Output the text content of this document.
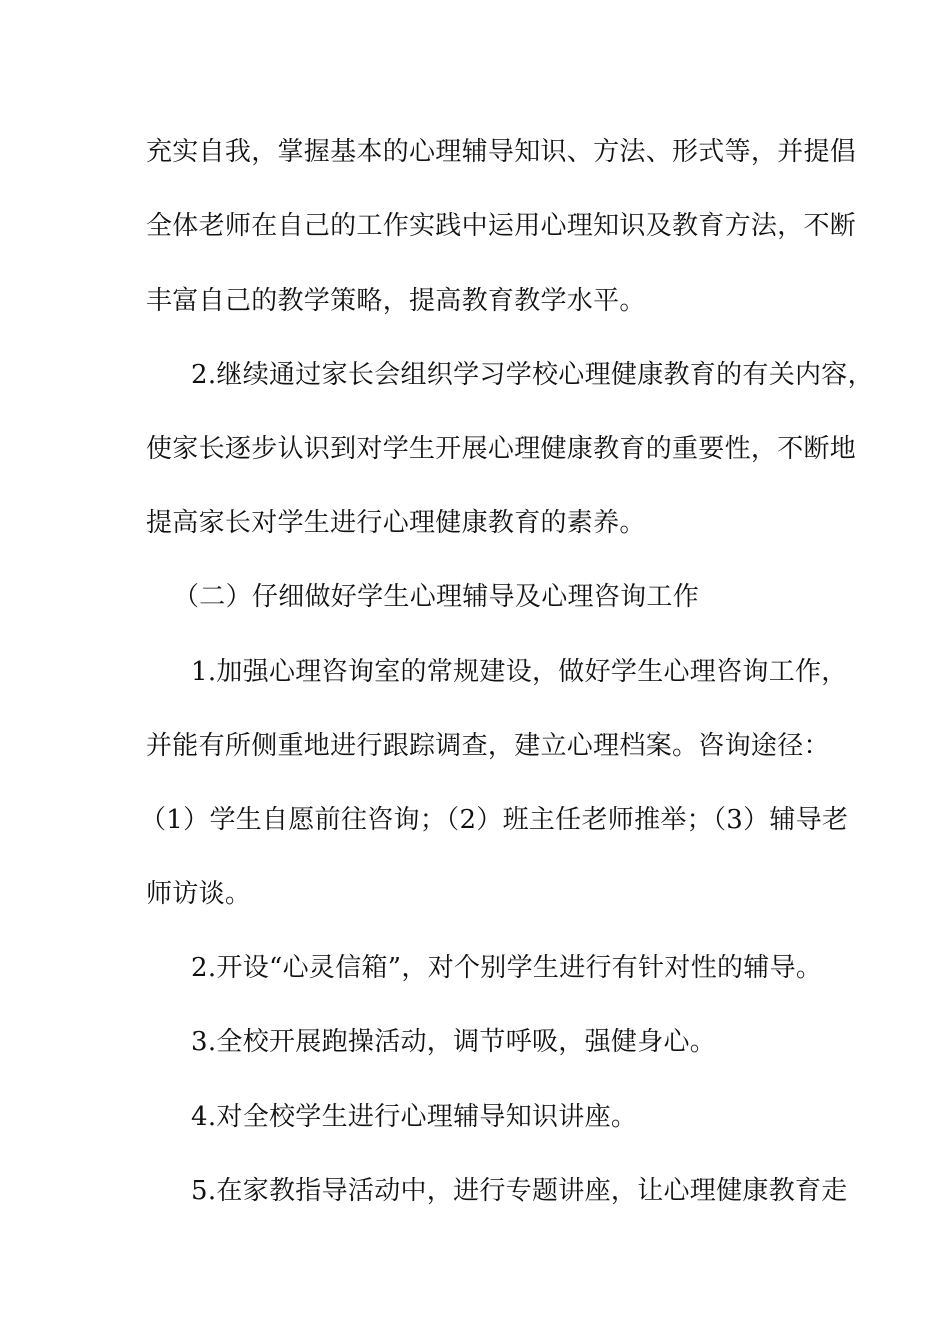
充实自我，掌握基本的心理辅导知识、方法、形式等，并提倡
全体老师在自己的工作实践中运用心理知识及教育方法，不断
丰富自己的教学策略，提高教育教学水平。
2.继续通过家长会组织学习学校心理健康教育的有关内容，
使家长逐步认识到对学生开展心理健康教育的重要性，不断地
提高家长对学生进行心理健康教育的素养。
（二）仔细做好学生心理辅导及心理咨询工作
1.加强心理咨询室的常规建设，做好学生心理咨询工作，
并能有所侧重地进行跟踪调查，建立心理档案。咨询途径：
（1）学生自愿前往咨询；（2）班主任老师推举；（3）辅导老
师访谈。
2.开设“心灵信箱”，对个别学生进行有针对性的辅导。
3.全校开展跑操活动，调节呼吸，强健身心。
4.对全校学生进行心理辅导知识讲座。
5.在家教指导活动中，进行专题讲座，让心理健康教育走
